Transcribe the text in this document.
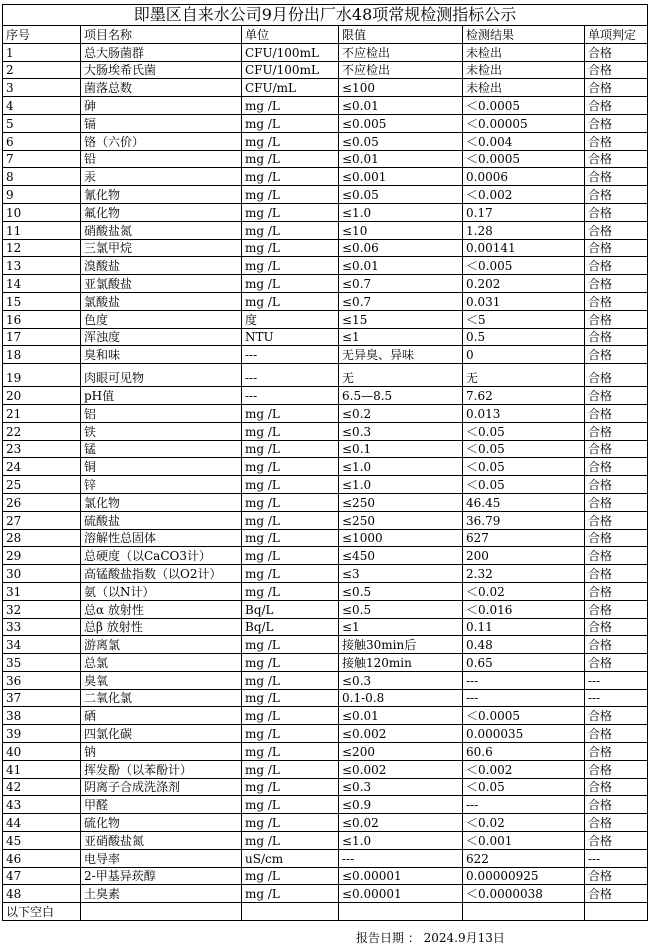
即墨区自来水公司9月份出厂水48项常规检测指标公示					
序号	项目名称	单位	限值	检测结果	单项判定
1	总大肠菌群	CFU/100mL	不应检出	未检出	合格
2	大肠埃希氏菌	CFU/100mL	不应检出	未检出	合格
3	菌落总数	CFU/mL	≤100	未检出	合格
4	砷	mg /L	≤0.01	＜0.0005	合格
5	镉	mg /L	≤0.005	＜0.00005	合格
6	铬（六价）	mg /L	≤0.05	＜0.004	合格
7	铅	mg /L	≤0.01	＜0.0005	合格
8	汞	mg /L	≤0.001	0.0006	合格
9	氰化物	mg /L	≤0.05	＜0.002	合格
10	氟化物	mg /L	≤1.0	0.17	合格
11	硝酸盐氮	mg /L	≤10	1.28	合格
12	三氯甲烷	mg /L	≤0.06	0.00141	合格
13	溴酸盐	mg /L	≤0.01	＜0.005	合格
14	亚氯酸盐	mg /L	≤0.7	0.202	合格
15	氯酸盐	mg /L	≤0.7	0.031	合格
16	色度	度	≤15	＜5	合格
17	浑浊度	NTU	≤1	0.5	合格
18	臭和味	---	无异臭、异味	0	合格
19	肉眼可见物	---	无	无	合格
20	pH值	---	6.5—8.5	7.62	合格
21	铝	mg /L	≤0.2	0.013	合格
22	铁	mg /L	≤0.3	＜0.05	合格
23	锰	mg /L	≤0.1	＜0.05	合格
24	铜	mg /L	≤1.0	＜0.05	合格
25	锌	mg /L	≤1.0	＜0.05	合格
26	氯化物	mg /L	≤250	46.45	合格
27	硫酸盐	mg /L	≤250	36.79	合格
28	溶解性总固体	mg /L	≤1000	627	合格
29	总硬度（以CaCO3计）	mg /L	≤450	200	合格
30	高锰酸盐指数（以O2计）	mg /L	≤3	2.32	合格
31	氨（以N计）	mg /L	≤0.5	＜0.02	合格
32	总α 放射性	Bq/L	≤0.5	＜0.016	合格
33	总β 放射性	Bq/L	≤1	0.11	合格
34	游离氯	mg /L	接触30min后	0.48	合格
35	总氯	mg /L	接触120min	0.65	合格
36	臭氧	mg /L	≤0.3	---	---
37	二氧化氯	mg /L	0.1-0.8	---	---
38	硒	mg /L	≤0.01	＜0.0005	合格
39	四氯化碳	mg /L	≤0.002	0.000035	合格
40	钠	mg /L	≤200	60.6	合格
41	挥发酚（以苯酚计）	mg /L	≤0.002	＜0.002	合格
42	阴离子合成洗涤剂	mg /L	≤0.3	＜0.05	合格
43	甲醛	mg /L	≤0.9	---	合格
44	硫化物	mg /L	≤0.02	＜0.02	合格
45	亚硝酸盐氮	mg /L	≤1.0	＜0.001	合格
46	电导率	uS/cm	---	622	---
47	2-甲基异莰醇	mg /L	≤0.00001	0.00000925	合格
48	土臭素	mg /L	≤0.00001	＜0.0000038	合格
以下空白					
报告日期 ： 2024.9月13日
